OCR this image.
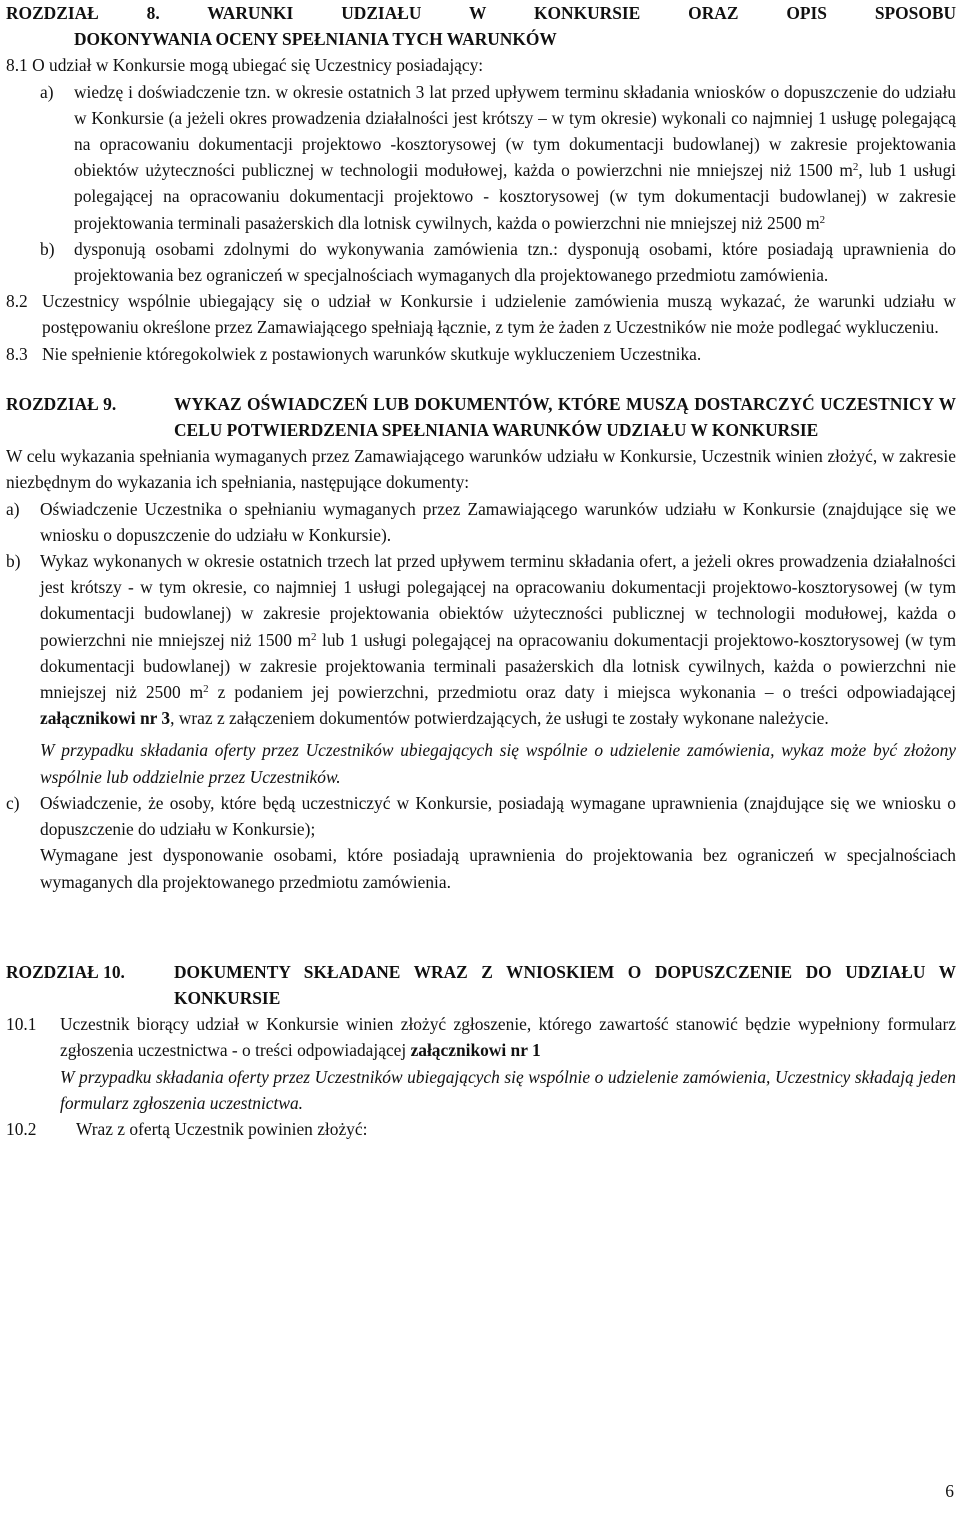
ROZDZIAŁ 8. WARUNKI UDZIAŁU W KONKURSIE ORAZ OPIS SPOSOBU

DOKONYWANIA OCENY SPEŁNIANIA TYCH WARUNKÓW

8.1 O udział w Konkursie mogą ubiegać się Uczestnicy posiadający:

a)	wiedzę i doświadczenie tzn. w okresie ostatnich 3 lat przed upływem terminu składania wniosków o dopuszczenie do udziału w Konkursie (a jeżeli okres prowadzenia działalności jest krótszy – w tym okresie) wykonali co najmniej 1 usługę polegającą na opracowaniu dokumentacji projektowo -kosztorysowej (w tym dokumentacji budowlanej) w zakresie projektowania obiektów użyteczności publicznej w technologii modułowej, każda o powierzchni nie mniejszej niż 1500 $m^2$, lub 1 usługi polegającej na opracowaniu dokumentacji projektowo - kosztorysowej (w tym dokumentacji budowlanej) w zakresie projektowania terminali pasażerskich dla lotnisk cywilnych, każda o powierzchni nie mniejszej niż 2500 $m^2$
b)	dysponują osobami zdolnymi do wykonywania zamówienia tzn.: dysponują osobami, które posiadają uprawnienia do projektowania bez ograniczeń w specjalnościach wymaganych dla projektowanego przedmiotu zamówienia.
8.2 Uczestnicy wspólnie ubiegający się o udział w Konkursie i udzielenie zamówienia muszą wykazać, że warunki udziału w postępowaniu określone przez Zamawiającego spełniają łącznie, z tym że żaden z Uczestników nie może podlegać wykluczeniu.
8.3 Nie spełnienie któregokolwiek z postawionych warunków skutkuje wykluczeniem Uczestnika.
ROZDZIAŁ 9.	WYKAZ OŚWIADCZEŃ LUB DOKUMENTÓW, KTÓRE MUSZĄ DOSTARCZYĆ UCZESTNICY W CELU POTWIERDZENIA SPEŁNIANIA WARUNKÓW UDZIAŁU W KONKURSIE

W celu wykazania spełniania wymaganych przez Zamawiającego warunków udziału w Konkursie, Uczestnik winien złożyć, w zakresie niezbędnym do wykazania ich spełniania, następujące dokumenty:

a)	Oświadczenie Uczestnika o spełnianiu wymaganych przez Zamawiającego warunków udziału w Konkursie (znajdujące się we wniosku o dopuszczenie do udziału w Konkursie).
b)	Wykaz wykonanych w okresie ostatnich trzech lat przed upływem terminu składania ofert, a jeżeli okres prowadzenia działalności jest krótszy - w tym okresie, co najmniej 1 usługi polegającej na opracowaniu dokumentacji projektowo-kosztorysowej (w tym dokumentacji budowlanej) w zakresie projektowania obiektów użyteczności publicznej w technologii modułowej, każda o powierzchni nie mniejszej niż 1500 $m^2$ lub 1 usługi polegającej na opracowaniu dokumentacji projektowo-kosztorysowej (w tym dokumentacji budowlanej) w zakresie projektowania terminali pasażerskich dla lotnisk cywilnych, każda o powierzchni nie mniejszej niż 2500 $m^2$ z podaniem jej powierzchni, przedmiotu oraz daty i miejsca wykonania – o treści odpowiadającej załącznikowi nr 3, wraz z załączeniem dokumentów potwierdzających, że usługi te zostały wykonane należycie.
W przypadku składania oferty przez Uczestników ubiegających się wspólnie o udzielenie zamówienia, wykaz może być złożony wspólnie lub oddzielnie przez Uczestników.
c)	Oświadczenie, że osoby, które będą uczestniczyć w Konkursie, posiadają wymagane uprawnienia (znajdujące się we wniosku o dopuszczenie do udziału w Konkursie);
Wymagane jest dysponowanie osobami, które posiadają uprawnienia do projektowania bez ograniczeń w specjalnościach wymaganych dla projektowanego przedmiotu zamówienia.
ROZDZIAŁ 10.	DOKUMENTY SKŁADANE WRAZ Z WNIOSKIEM O DOPUSZCZENIE DO UDZIAŁU W KONKURSIE
10.1	Uczestnik biorący udział w Konkursie winien złożyć zgłoszenie, którego zawartość stanowić będzie wypełniony formularz zgłoszenia uczestnictwa - o treści odpowiadającej załącznikowi nr 1
W przypadku składania oferty przez Uczestników ubiegających się wspólnie o udzielenie zamówienia, Uczestnicy składają jeden formularz zgłoszenia uczestnictwa.
10.2	Wraz z ofertą Uczestnik powinien złożyć:
6
